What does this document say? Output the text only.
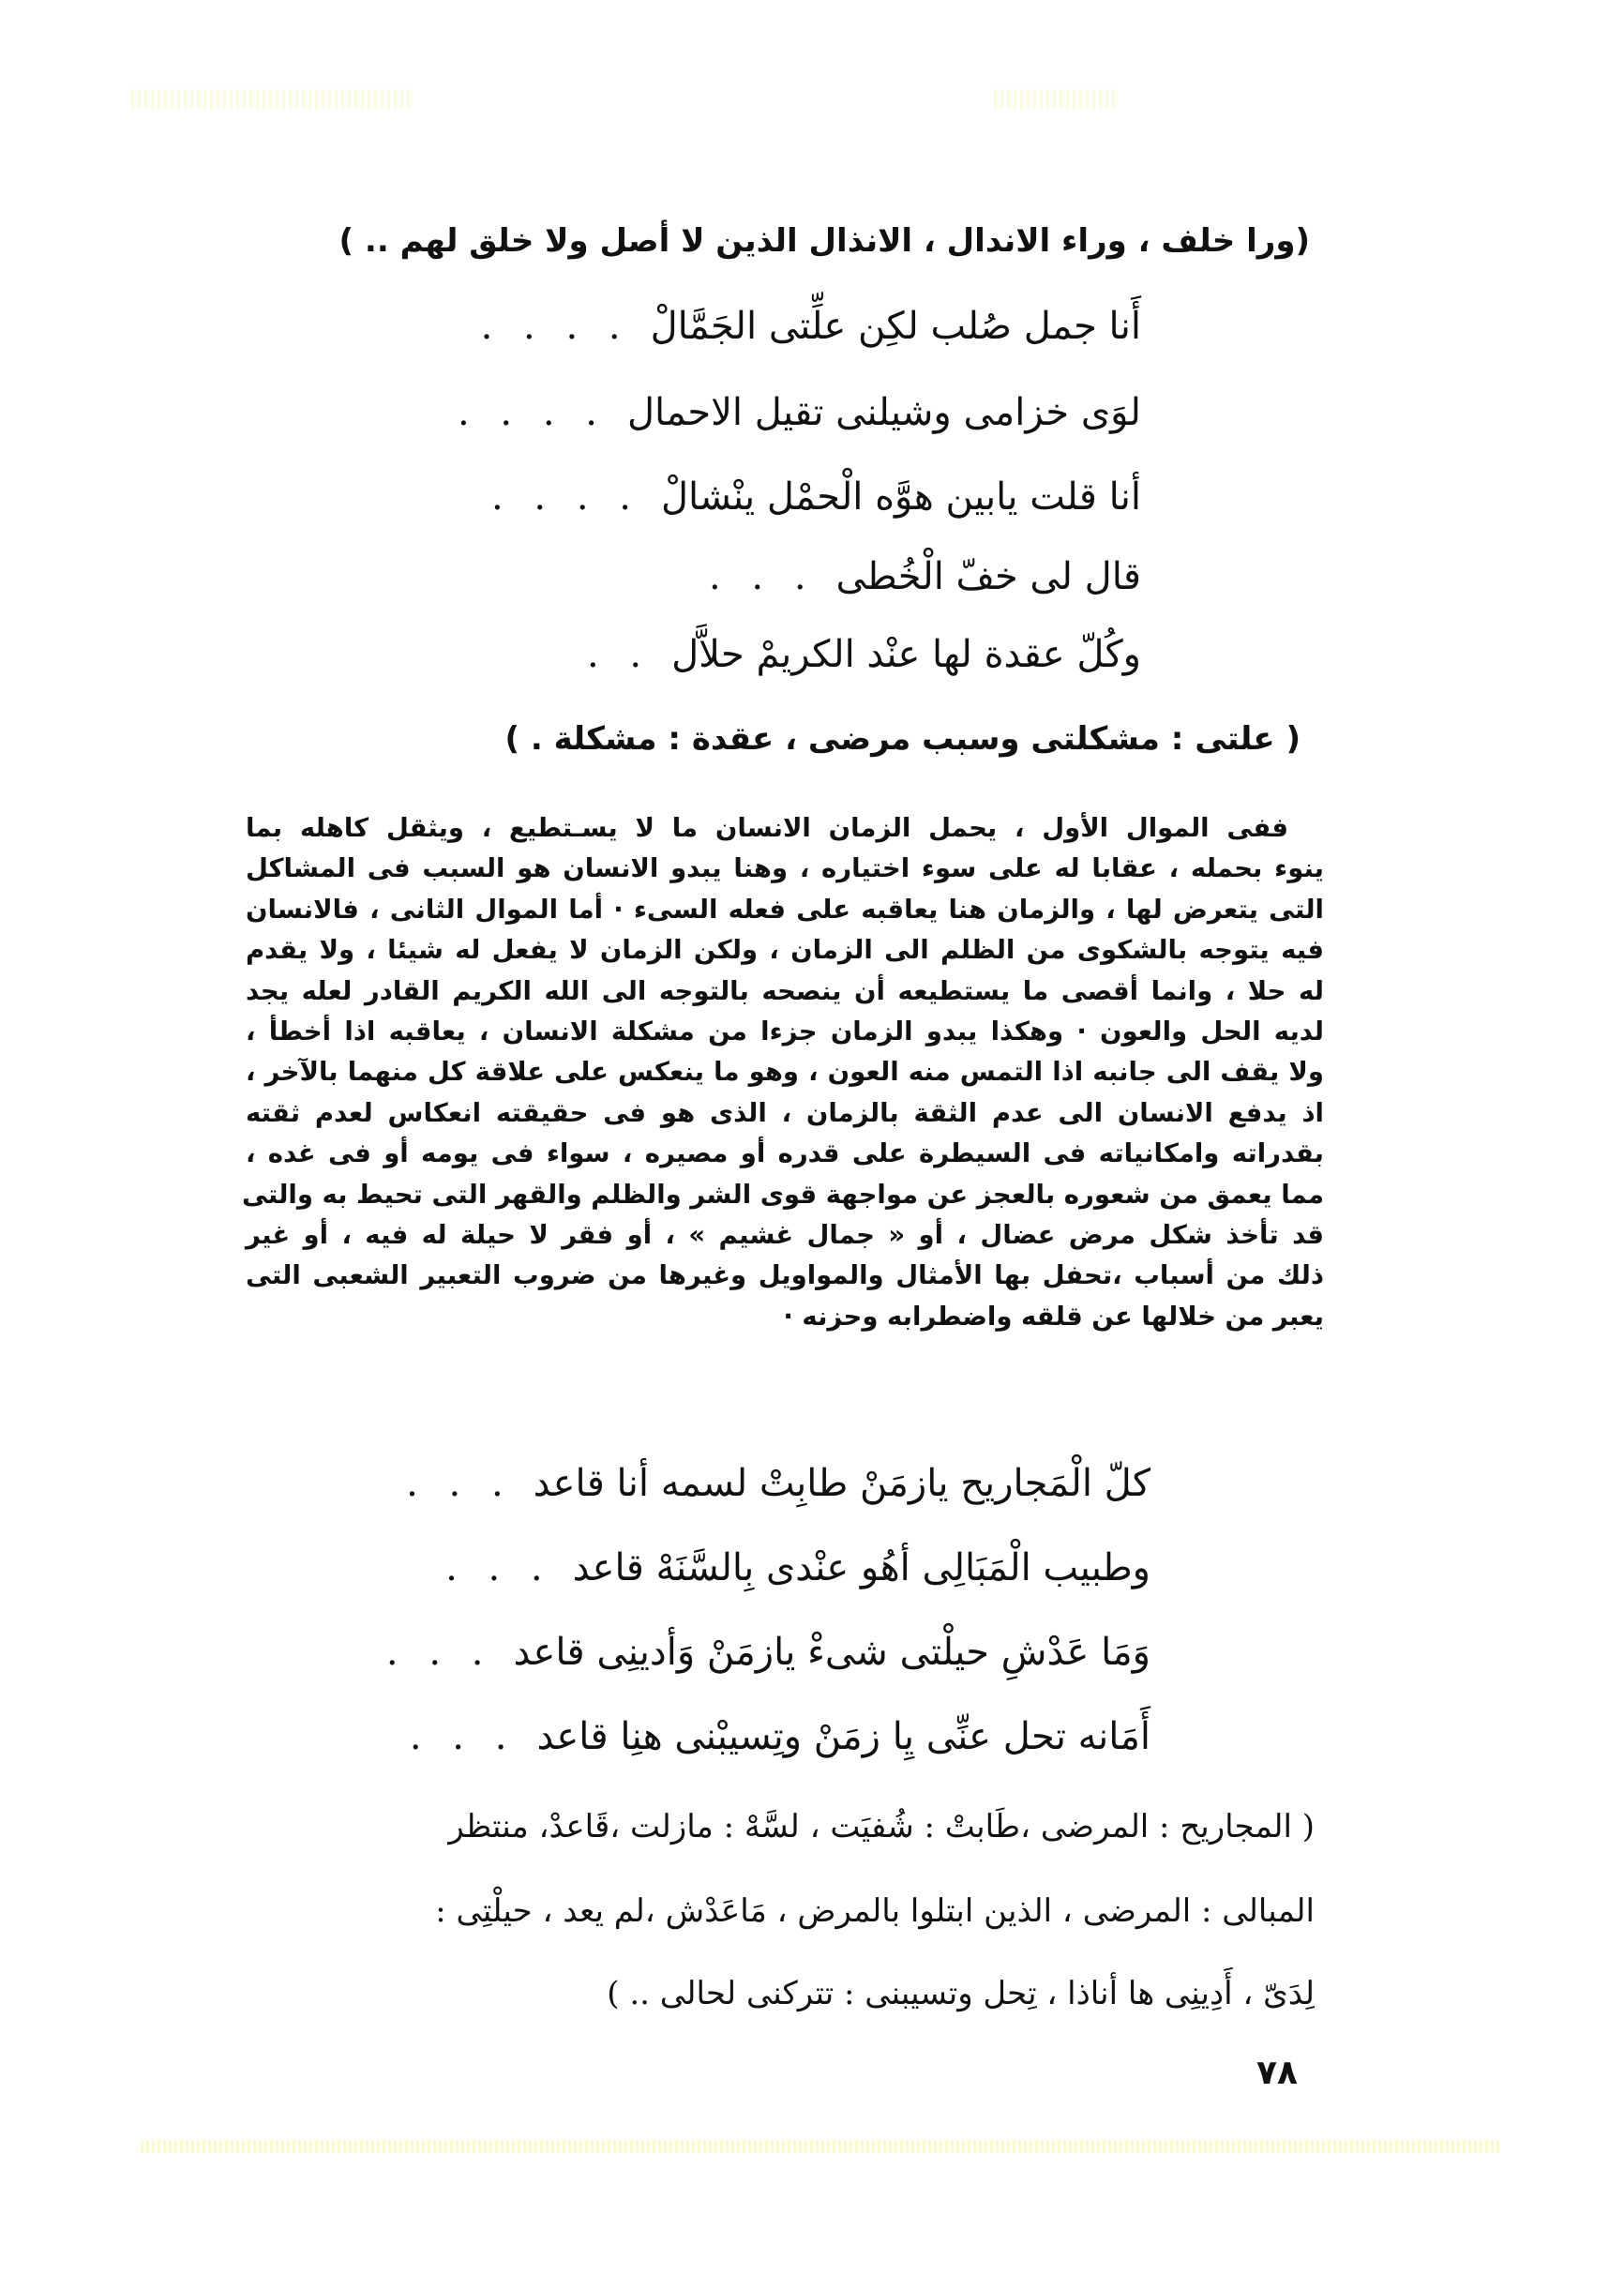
(ورا خلف ، وراء الاندال ، الانذال الذين لا أصل ولا خلق لهم .. )
أَنا جمل صُلب لكِن علِّتى الجَمَّالْ. . . .
لوَى خزامى وشيلنى تقيل الاحمال. . . .
أنا قلت يابين هوَّه الْحمْل ينْشالْ. . . .
قال لى خفّ الْخُطى. . .
وكُلّ عقدة لها عنْد الكريمْ حلاَّل. .
( علتى : مشكلتى وسبب مرضى ، عقدة : مشكلة . )
ففى الموال الأول ، يحمل الزمان الانسان ما لا يسـتطيع ، ويثقل كاهله بما
ينوء بحمله ، عقابا له على سوء اختياره ، وهنا يبدو الانسان هو السبب فى المشاكل
التى يتعرض لها ، والزمان هنا يعاقبه على فعله السىء · أما الموال الثانى ، فالانسان
فيه يتوجه بالشكوى من الظلم الى الزمان ، ولكن الزمان لا يفعل له شيئا ، ولا يقدم
له حلا ، وانما أقصى ما يستطيعه أن ينصحه بالتوجه الى الله الكريم القادر لعله يجد
لديه الحل والعون · وهكذا يبدو الزمان جزءا من مشكلة الانسان ، يعاقبه اذا أخطأ ،
ولا يقف الى جانبه اذا التمس منه العون ، وهو ما ينعكس على علاقة كل منهما بالآخر ،
اذ يدفع الانسان الى عدم الثقة بالزمان ، الذى هو فى حقيقته انعكاس لعدم ثقته
بقدراته وامكانياته فى السيطرة على قدره أو مصيره ، سواء فى يومه أو فى غده ،
مما يعمق من شعوره بالعجز عن مواجهة قوى الشر والظلم والقهر التى تحيط به والتى
قد تأخذ شكل مرض عضال ، أو « جمال غشيم » ، أو فقر لا حيلة له فيه ، أو غير
ذلك من أسباب ،تحفل بها الأمثال والمواويل وغيرها من ضروب التعبير الشعبى التى
يعبر من خلالها عن قلقه واضطرابه وحزنه ·
كلّ الْمَجاريح يازمَنْ طابِتْ لسمه أنا قاعد. . .
وطبيب الْمَبَالِى أهُو عنْدى بِالسَّنَهْ قاعد. . .
وَمَا عَدْشِ حيلْتى شىءْ يازمَنْ وَأدينِى قاعد. . .
أَمَانه تحل عنِّى يِا زمَنْ وتِسيبْنى هنِا قاعد. . .
( المجاريح : المرضى ،طَابتْ : شُفيَت ، لسَّهْ : مازلت ،قَاعدْ، منتظر
المبالى : المرضى ، الذين ابتلوا بالمرض ، مَاعَدْش ،لم يعد ، حيلْتِى :
لِدَىّ ، أَدِينِى ها أناذا ، تِحل وتسيبنى : تتركنى لحالى .. )
٧٨
